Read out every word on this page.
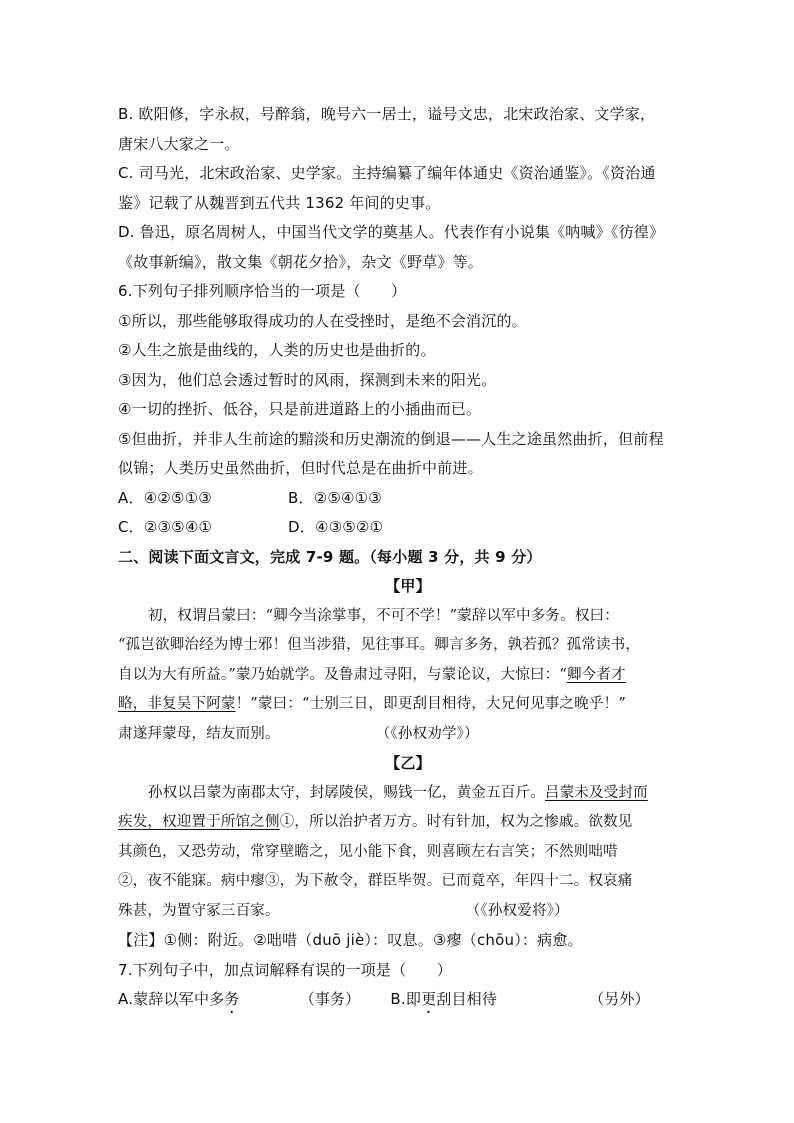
B. 欧阳修，字永叔，号醉翁，晚号六一居士，谥号文忠，北宋政治家、文学家，
唐宋八大家之一。
C. 司马光，北宋政治家、史学家。主持编纂了编年体通史《资治通鉴》。《资治通
鉴》记载了从魏晋到五代共 1362 年间的史事。
D. 鲁迅，原名周树人，中国当代文学的奠基人。代表作有小说集《呐喊》《彷徨》
《故事新编》，散文集《朝花夕拾》，杂文《野草》等。
6.下列句子排列顺序恰当的一项是（　　）
①所以，那些能够取得成功的人在受挫时，是绝不会消沉的。
②人生之旅是曲线的，人类的历史也是曲折的。
③因为，他们总会透过暂时的风雨，探测到未来的阳光。
④一切的挫折、低谷，只是前进道路上的小插曲而已。
⑤但曲折，并非人生前途的黯淡和历史潮流的倒退——人生之途虽然曲折，但前程
似锦；人类历史虽然曲折，但时代总是在曲折中前进。
A．④②⑤①③	B．②⑤④①③
C．②③⑤④①	D．④③⑤②①
二、阅读下面文言文，完成 7-9 题。（每小题 3 分，共 9 分）
【甲】
初，权谓吕蒙曰：“卿今当涂掌事，不可不学！”蒙辞以军中多务。权曰：
“孤岂欲卿治经为博士邪！但当涉猎，见往事耳。卿言多务，孰若孤？孤常读书，
自以为大有所益。”蒙乃始就学。及鲁肃过寻阳，与蒙论议，大惊曰：“卿今者才
略，非复吴下阿蒙！”蒙曰：“士别三日，即更刮目相待，大兄何见事之晚乎！”
肃遂拜蒙母，结友而别。	（《孙权劝学》）
【乙】
孙权以吕蒙为南郡太守，封孱陵侯，赐钱一亿，黄金五百斤。吕蒙未及受封而
疾发，权迎置于所馆之侧①，所以治护者万方。时有针加，权为之惨戚。欲数见
其颜色，又恐劳动，常穿壁瞻之，见小能下食，则喜顾左右言笑；不然则咄唶
②，夜不能寐。病中瘳③，为下赦令，群臣毕贺。已而竟卒，年四十二。权哀痛
殊甚，为置守冢三百家。	（《孙权爱将》）
【注】①侧：附近。②咄唶（duō jiè）：叹息。③瘳（chōu）：病愈。
7.下列句子中，加点词解释有误的一项是（　　）
A.蒙辞以军中多务	（事务） B.即更刮目相待	（另外）
